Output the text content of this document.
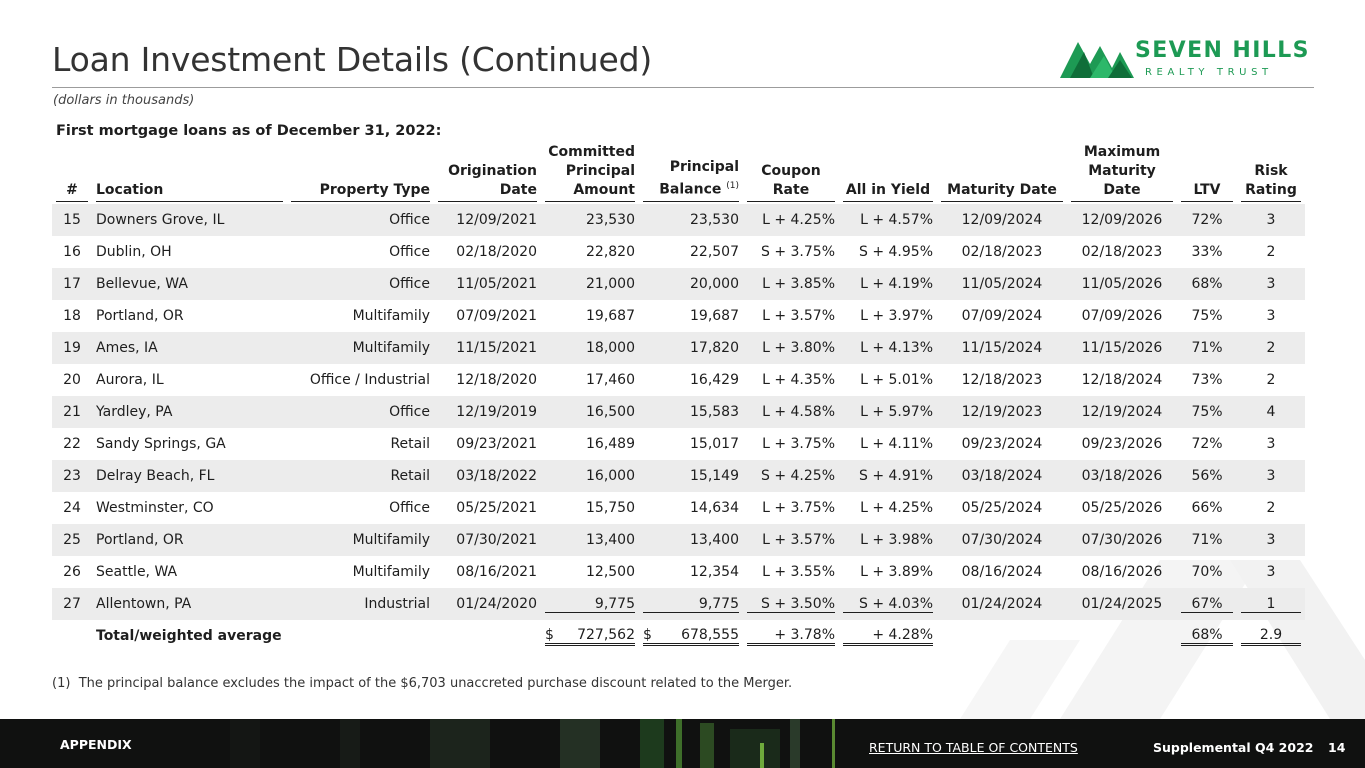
Loan Investment Details (Continued)
(dollars in thousands)
SEVEN HILLS
REALTY TRUST
First mortgage loans as of December 31, 2022:
#	Location	Property Type	Origination Date	Committed Principal Amount	Principal Balance $^{(1)}$	Coupon Rate	All in Yield	Maturity Date	Maximum Maturity Date	LTV	Risk Rating

15	Downers Grove, IL	Office	12/09/2021	23,530	23,530	L + 4.25%	L + 4.57%	12/09/2024	12/09/2026	72%	3
16	Dublin, OH	Office	02/18/2020	22,820	22,507	S + 3.75%	S + 4.95%	02/18/2023	02/18/2023	33%	2
17	Bellevue, WA	Office	11/05/2021	21,000	20,000	L + 3.85%	L + 4.19%	11/05/2024	11/05/2026	68%	3
18	Portland, OR	Multifamily	07/09/2021	19,687	19,687	L + 3.57%	L + 3.97%	07/09/2024	07/09/2026	75%	3
19	Ames, IA	Multifamily	11/15/2021	18,000	17,820	L + 3.80%	L + 4.13%	11/15/2024	11/15/2026	71%	2
20	Aurora, IL	Office / Industrial	12/18/2020	17,460	16,429	L + 4.35%	L + 5.01%	12/18/2023	12/18/2024	73%	2
21	Yardley, PA	Office	12/19/2019	16,500	15,583	L + 4.58%	L + 5.97%	12/19/2023	12/19/2024	75%	4
22	Sandy Springs, GA	Retail	09/23/2021	16,489	15,017	L + 3.75%	L + 4.11%	09/23/2024	09/23/2026	72%	3
23	Delray Beach, FL	Retail	03/18/2022	16,000	15,149	S + 4.25%	S + 4.91%	03/18/2024	03/18/2026	56%	3
24	Westminster, CO	Office	05/25/2021	15,750	14,634	L + 3.75%	L + 4.25%	05/25/2024	05/25/2026	66%	2
25	Portland, OR	Multifamily	07/30/2021	13,400	13,400	L + 3.57%	L + 3.98%	07/30/2024	07/30/2026	71%	3
26	Seattle, WA	Multifamily	08/16/2021	12,500	12,354	L + 3.55%	L + 3.89%	08/16/2024	08/16/2026	70%	3
27	Allentown, PA	Industrial	01/24/2020	9,775	9,775	S + 3.50%	S + 4.03%	01/24/2024	01/24/2025	67%	1

	Total/weighted average			$ 727,562	$ 678,555	+ 3.78%	+ 4.28%			68%	2.9
(1) The principal balance excludes the impact of the $6,703 unaccreted purchase discount related to the Merger.
APPENDIX	RETURN TO TABLE OF CONTENTS	Supplemental Q4 2022 14
